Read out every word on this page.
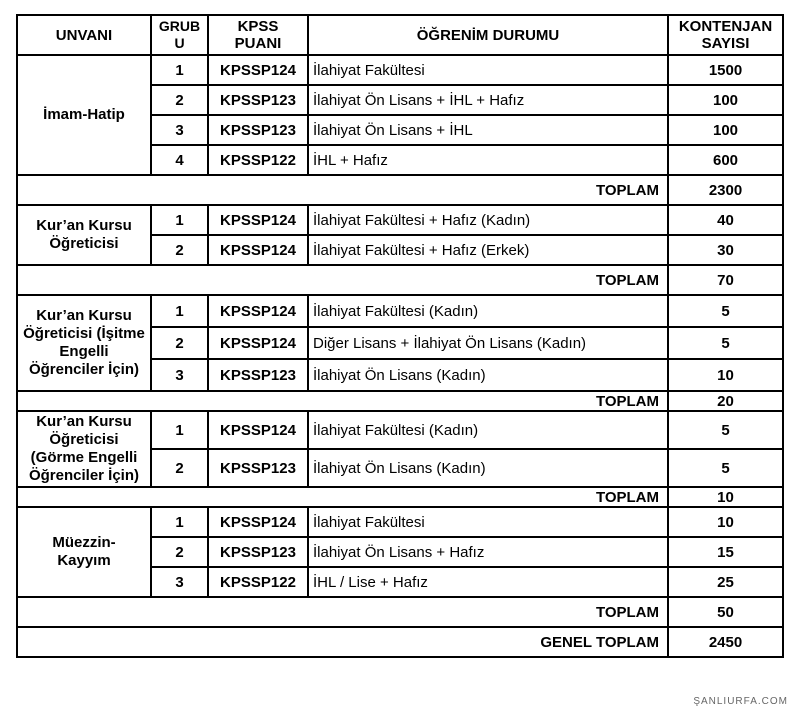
UNVANI	GRUB U	KPSS PUANI	ÖĞRENİM DURUMU	KONTENJAN SAYISI

İmam-Hatip	1	KPSSP124	İlahiyat Fakültesi	1500
	2	KPSSP123	İlahiyat Ön Lisans + İHL + Hafız	100
	3	KPSSP123	İlahiyat Ön Lisans + İHL	100
	4	KPSSP122	İHL + Hafız	600
TOPLAM				2300
Kur’an Kursu Öğreticisi	1	KPSSP124	İlahiyat Fakültesi + Hafız (Kadın)	40
	2	KPSSP124	İlahiyat Fakültesi + Hafız (Erkek)	30
TOPLAM				70
Kur’an Kursu Öğreticisi (İşitme Engelli Öğrenciler İçin)	1	KPSSP124	İlahiyat Fakültesi (Kadın)	5
	2	KPSSP124	Diğer Lisans + İlahiyat Ön Lisans (Kadın)	5
	3	KPSSP123	İlahiyat Ön Lisans (Kadın)	10
TOPLAM				20
Kur’an Kursu Öğreticisi (Görme Engelli Öğrenciler İçin)	1	KPSSP124	İlahiyat Fakültesi (Kadın)	5
	2	KPSSP123	İlahiyat Ön Lisans (Kadın)	5
TOPLAM				10
Müezzin-Kayyım	1	KPSSP124	İlahiyat Fakültesi	10
	2	KPSSP123	İlahiyat Ön Lisans + Hafız	15
	3	KPSSP122	İHL / Lise + Hafız	25
TOPLAM				50
GENEL TOPLAM				2450
ŞANLIURFA.COM
